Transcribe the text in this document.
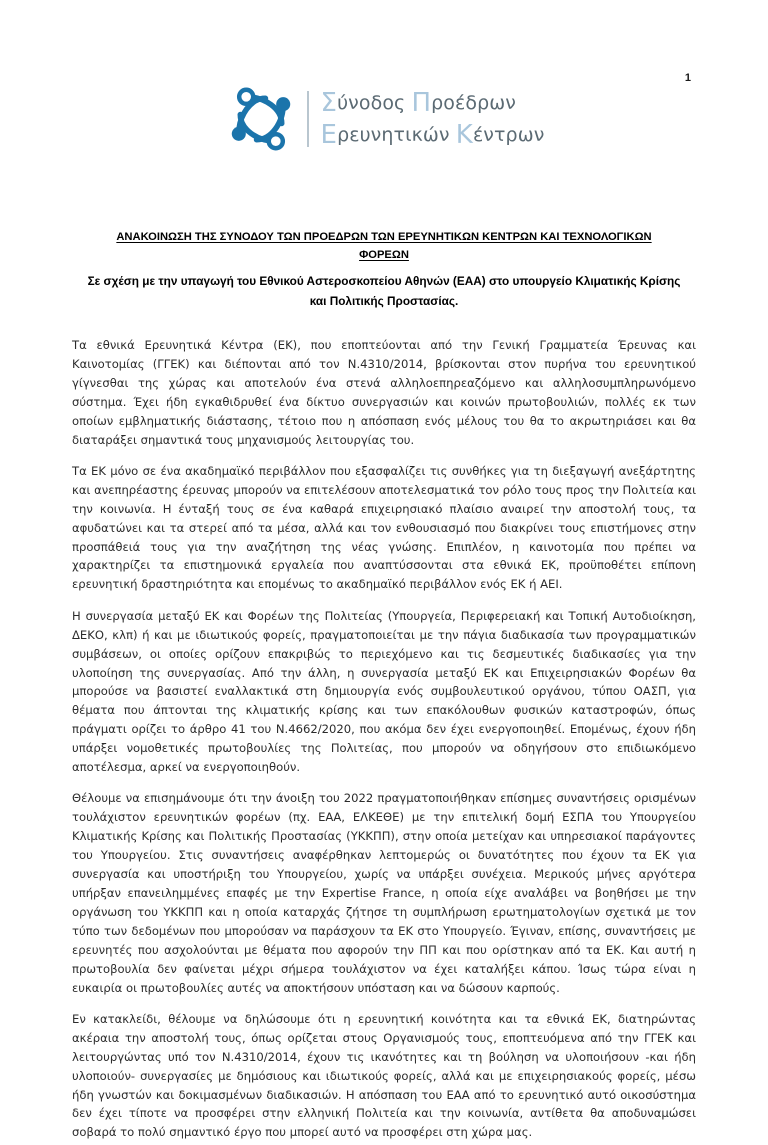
1
Σύνοδος Προέδρων
Ερευνητικών Κέντρων
ΑΝΑΚΟΙΝΩΣΗ ΤΗΣ ΣΥΝΟΔΟΥ ΤΩΝ ΠΡΟΕΔΡΩΝ ΤΩΝ ΕΡΕΥΝΗΤΙΚΩΝ ΚΕΝΤΡΩΝ ΚΑΙ ΤΕΧΝΟΛΟΓΙΚΩΝ
ΦΟΡΕΩΝ
Σε σχέση με την υπαγωγή του Εθνικού Αστεροσκοπείου Αθηνών (ΕΑΑ) στο υπουργείο Κλιματικής Κρίσης και Πολιτικής Προστασίας.

Τα εθνικά Ερευνητικά Κέντρα (ΕΚ), που εποπτεύονται από την Γενική Γραμματεία Έρευνας και Καινοτομίας (ΓΓΕΚ) και διέπονται από τον Ν.4310/2014, βρίσκονται στον πυρήνα του ερευνητικού γίγνεσθαι της χώρας και αποτελούν ένα στενά αλληλοεπηρεαζόμενο και αλληλοσυμπληρωνόμενο σύστημα. Έχει ήδη εγκαθιδρυθεί ένα δίκτυο συνεργασιών και κοινών πρωτοβουλιών, πολλές εκ των οποίων εμβληματικής διάστασης, τέτοιο που η απόσπαση ενός μέλους του θα το ακρωτηριάσει και θα διαταράξει σημαντικά τους μηχανισμούς λειτουργίας του.

Τα ΕΚ μόνο σε ένα ακαδημαϊκό περιβάλλον που εξασφαλίζει τις συνθήκες για τη διεξαγωγή ανεξάρτητης και ανεπηρέαστης έρευνας μπορούν να επιτελέσουν αποτελεσματικά τον ρόλο τους προς την Πολιτεία και την κοινωνία. Η ένταξή τους σε ένα καθαρά επιχειρησιακό πλαίσιο αναιρεί την αποστολή τους, τα αφυδατώνει και τα στερεί από τα μέσα, αλλά και τον ενθουσιασμό που διακρίνει τους επιστήμονες στην προσπάθειά τους για την αναζήτηση της νέας γνώσης. Επιπλέον, η καινοτομία που πρέπει να χαρακτηρίζει τα επιστημονικά εργαλεία που αναπτύσσονται στα εθνικά ΕΚ, προϋποθέτει επίπονη ερευνητική δραστηριότητα και επομένως το ακαδημαϊκό περιβάλλον ενός ΕΚ ή ΑΕΙ.

Η συνεργασία μεταξύ ΕΚ και Φορέων της Πολιτείας (Υπουργεία, Περιφερειακή και Τοπική Αυτοδιοίκηση, ΔΕΚΟ, κλπ) ή και με ιδιωτικούς φορείς, πραγματοποιείται με την πάγια διαδικασία των προγραμματικών συμβάσεων, οι οποίες ορίζουν επακριβώς το περιεχόμενο και τις δεσμευτικές διαδικασίες για την υλοποίηση της συνεργασίας. Από την άλλη, η συνεργασία μεταξύ ΕΚ και Επιχειρησιακών Φορέων θα μπορούσε να βασιστεί εναλλακτικά στη δημιουργία ενός συμβουλευτικού οργάνου, τύπου ΟΑΣΠ, για θέματα που άπτονται της κλιματικής κρίσης και των επακόλουθων φυσικών καταστροφών, όπως πράγματι ορίζει το άρθρο 41 του Ν.4662/2020, που ακόμα δεν έχει ενεργοποιηθεί. Επομένως, έχουν ήδη υπάρξει νομοθετικές πρωτοβουλίες της Πολιτείας, που μπορούν να οδηγήσουν στο επιδιωκόμενο αποτέλεσμα, αρκεί να ενεργοποιηθούν.

Θέλουμε να επισημάνουμε ότι την άνοιξη του 2022 πραγματοποιήθηκαν επίσημες συναντήσεις ορισμένων τουλάχιστον ερευνητικών φορέων (πχ. ΕΑΑ, ΕΛΚΕΘΕ) με την επιτελική δομή ΕΣΠΑ του Υπουργείου Κλιματικής Κρίσης και Πολιτικής Προστασίας (ΥΚΚΠΠ), στην οποία μετείχαν και υπηρεσιακοί παράγοντες του Υπουργείου. Στις συναντήσεις αναφέρθηκαν λεπτομερώς οι δυνατότητες που έχουν τα ΕΚ για συνεργασία και υποστήριξη του Υπουργείου, χωρίς να υπάρξει συνέχεια. Μερικούς μήνες αργότερα υπήρξαν επανειλημμένες επαφές με την Expertise France, η οποία είχε αναλάβει να βοηθήσει με την οργάνωση του ΥΚΚΠΠ και η οποία καταρχάς ζήτησε τη συμπλήρωση ερωτηματολογίων σχετικά με τον τύπο των δεδομένων που μπορούσαν να παράσχουν τα ΕΚ στο Υπουργείο. Έγιναν, επίσης, συναντήσεις με ερευνητές που ασχολούνται με θέματα που αφορούν την ΠΠ και που ορίστηκαν από τα ΕΚ. Και αυτή η πρωτοβουλία δεν φαίνεται μέχρι σήμερα τουλάχιστον να έχει καταλήξει κάπου. Ίσως τώρα είναι η ευκαιρία οι πρωτοβουλίες αυτές να αποκτήσουν υπόσταση και να δώσουν καρπούς.

Εν κατακλείδι, θέλουμε να δηλώσουμε ότι η ερευνητική κοινότητα και τα εθνικά ΕΚ, διατηρώντας ακέραια την αποστολή τους, όπως ορίζεται στους Οργανισμούς τους, εποπτευόμενα από την ΓΓΕΚ και λειτουργώντας υπό τον Ν.4310/2014, έχουν τις ικανότητες και τη βούληση να υλοποιήσουν -και ήδη υλοποιούν- συνεργασίες με δημόσιους και ιδιωτικούς φορείς, αλλά και με επιχειρησιακούς φορείς, μέσω ήδη γνωστών και δοκιμασμένων διαδικασιών. Η απόσπαση του ΕΑΑ από το ερευνητικό αυτό οικοσύστημα δεν έχει τίποτε να προσφέρει στην ελληνική Πολιτεία και την κοινωνία, αντίθετα θα αποδυναμώσει σοβαρά το πολύ σημαντικό έργο που μπορεί αυτό να προσφέρει στη χώρα μας.
